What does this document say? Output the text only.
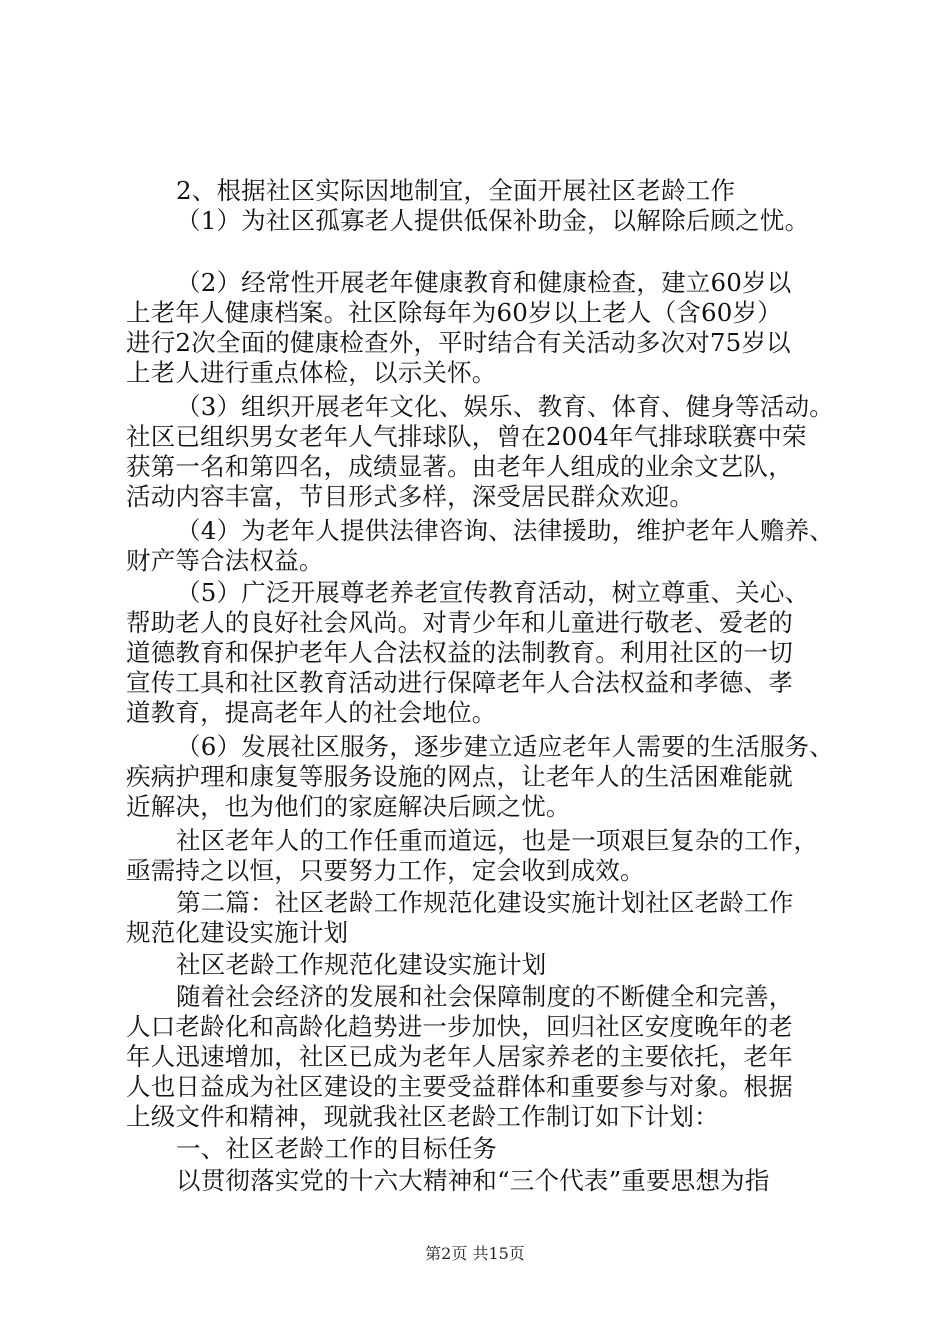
2、根据社区实际因地制宜，全面开展社区老龄工作
（1）为社区孤寡老人提供低保补助金，以解除后顾之忧。
（2）经常性开展老年健康教育和健康检查，建立60岁以
上老年人健康档案。社区除每年为60岁以上老人（含60岁）
进行2次全面的健康检查外，平时结合有关活动多次对75岁以
上老人进行重点体检，以示关怀。
（3）组织开展老年文化、娱乐、教育、体育、健身等活动。
社区已组织男女老年人气排球队，曾在2004年气排球联赛中荣
获第一名和第四名，成绩显著。由老年人组成的业余文艺队，
活动内容丰富，节目形式多样，深受居民群众欢迎。
（4）为老年人提供法律咨询、法律援助，维护老年人赡养、
财产等合法权益。
（5）广泛开展尊老养老宣传教育活动，树立尊重、关心、
帮助老人的良好社会风尚。对青少年和儿童进行敬老、爱老的
道德教育和保护老年人合法权益的法制教育。利用社区的一切
宣传工具和社区教育活动进行保障老年人合法权益和孝德、孝
道教育，提高老年人的社会地位。
（6）发展社区服务，逐步建立适应老年人需要的生活服务、
疾病护理和康复等服务设施的网点，让老年人的生活困难能就
近解决，也为他们的家庭解决后顾之忧。
社区老年人的工作任重而道远，也是一项艰巨复杂的工作，
亟需持之以恒，只要努力工作，定会收到成效。
第二篇：社区老龄工作规范化建设实施计划社区老龄工作
规范化建设实施计划
社区老龄工作规范化建设实施计划
随着社会经济的发展和社会保障制度的不断健全和完善，
人口老龄化和高龄化趋势进一步加快，回归社区安度晚年的老
年人迅速增加，社区已成为老年人居家养老的主要依托，老年
人也日益成为社区建设的主要受益群体和重要参与对象。根据
上级文件和精神，现就我社区老龄工作制订如下计划：
一、社区老龄工作的目标任务
以贯彻落实党的十六大精神和“三个代表”重要思想为指
第2页 共15页
